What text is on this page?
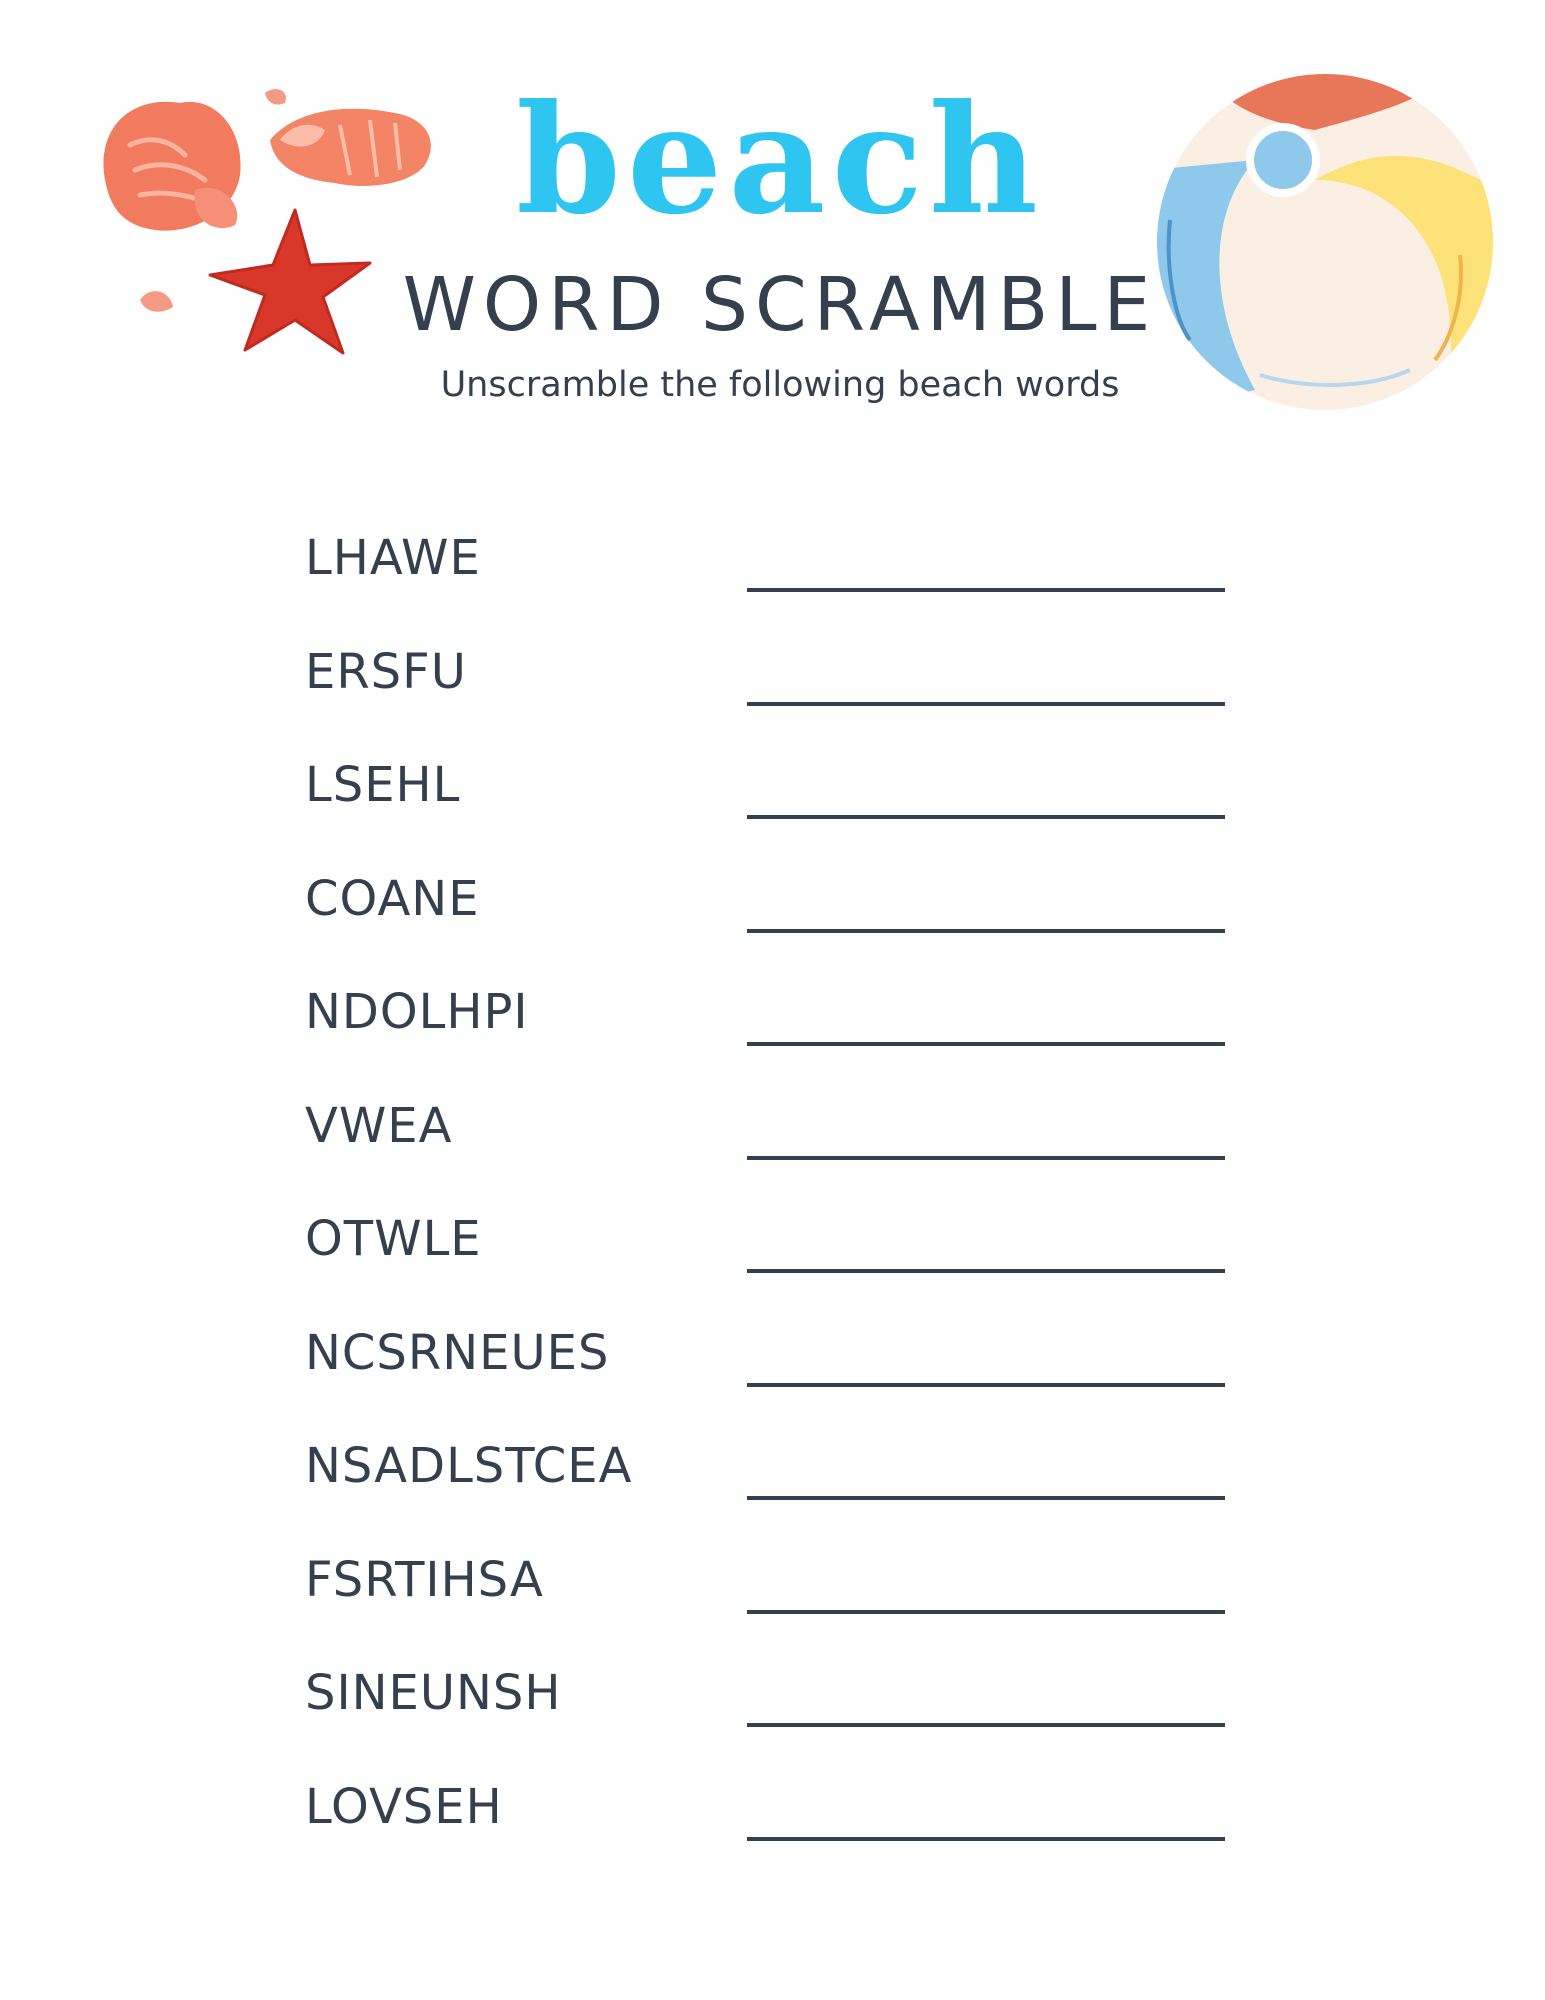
beach
WORD SCRAMBLE
Unscramble the following beach words
LHAWE
ERSFU
LSEHL
COANE
NDOLHPI
VWEA
OTWLE
NCSRNEUES
NSADLSTCEA
FSRTIHSA
SINEUNSH
LOVSEH
